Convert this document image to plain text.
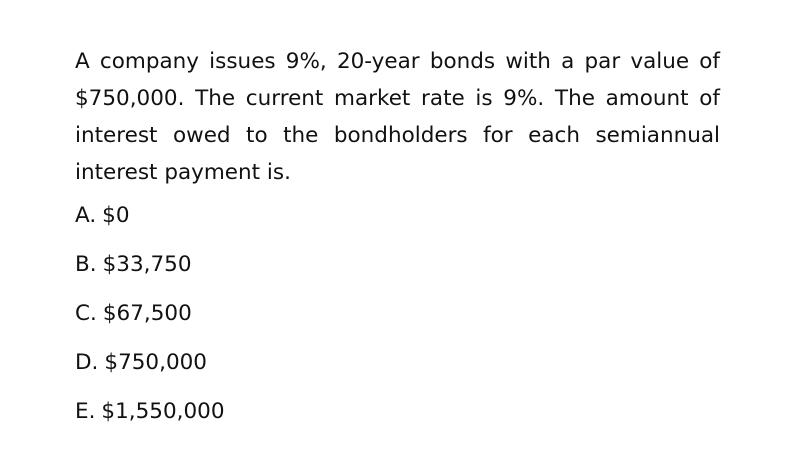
A company issues 9%, 20-year bonds with a par value of $750,000. The current market rate is 9%. The amount of interest owed to the bondholders for each semiannual interest payment is.

A. $0
B. $33,750
C. $67,500
D. $750,000
E. $1,550,000
